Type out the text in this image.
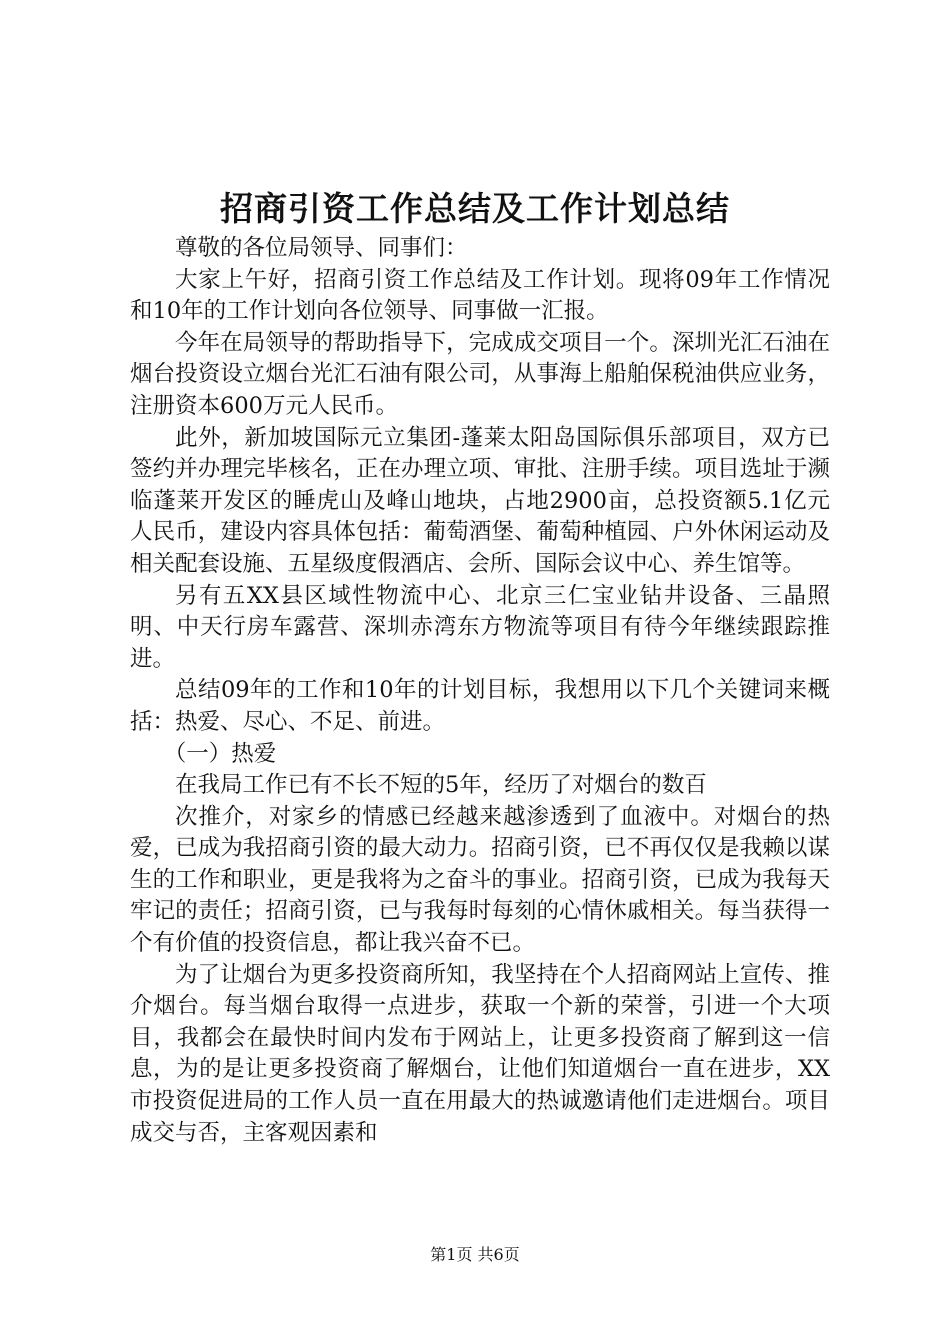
招商引资工作总结及工作计划总结

尊敬的各位局领导、同事们：

大家上午好，招商引资工作总结及工作计划。现将09年工作情况和10年的工作计划向各位领导、同事做一汇报。

今年在局领导的帮助指导下，完成成交项目一个。深圳光汇石油在烟台投资设立烟台光汇石油有限公司，从事海上船舶保税油供应业务，注册资本600万元人民币。

此外，新加坡国际元立集团-蓬莱太阳岛国际俱乐部项目，双方已签约并办理完毕核名，正在办理立项、审批、注册手续。项目选址于濒临蓬莱开发区的睡虎山及峰山地块，占地2900亩，总投资额5.1亿元人民币，建设内容具体包括：葡萄酒堡、葡萄种植园、户外休闲运动及相关配套设施、五星级度假酒店、会所、国际会议中心、养生馆等。

另有五XX县区域性物流中心、北京三仁宝业钻井设备、三晶照明、中天行房车露营、深圳赤湾东方物流等项目有待今年继续跟踪推进。

总结09年的工作和10年的计划目标，我想用以下几个关键词来概括：热爱、尽心、不足、前进。

（一）热爱

在我局工作已有不长不短的5年，经历了对烟台的数百

次推介，对家乡的情感已经越来越渗透到了血液中。对烟台的热爱，已成为我招商引资的最大动力。招商引资，已不再仅仅是我赖以谋生的工作和职业，更是我将为之奋斗的事业。招商引资，已成为我每天牢记的责任；招商引资，已与我每时每刻的心情休戚相关。每当获得一个有价值的投资信息，都让我兴奋不已。

为了让烟台为更多投资商所知，我坚持在个人招商网站上宣传、推介烟台。每当烟台取得一点进步，获取一个新的荣誉，引进一个大项目，我都会在最快时间内发布于网站上，让更多投资商了解到这一信息，为的是让更多投资商了解烟台，让他们知道烟台一直在进步，XX市投资促进局的工作人员一直在用最大的热诚邀请他们走进烟台。项目成交与否，主客观因素和

第1页 共6页
